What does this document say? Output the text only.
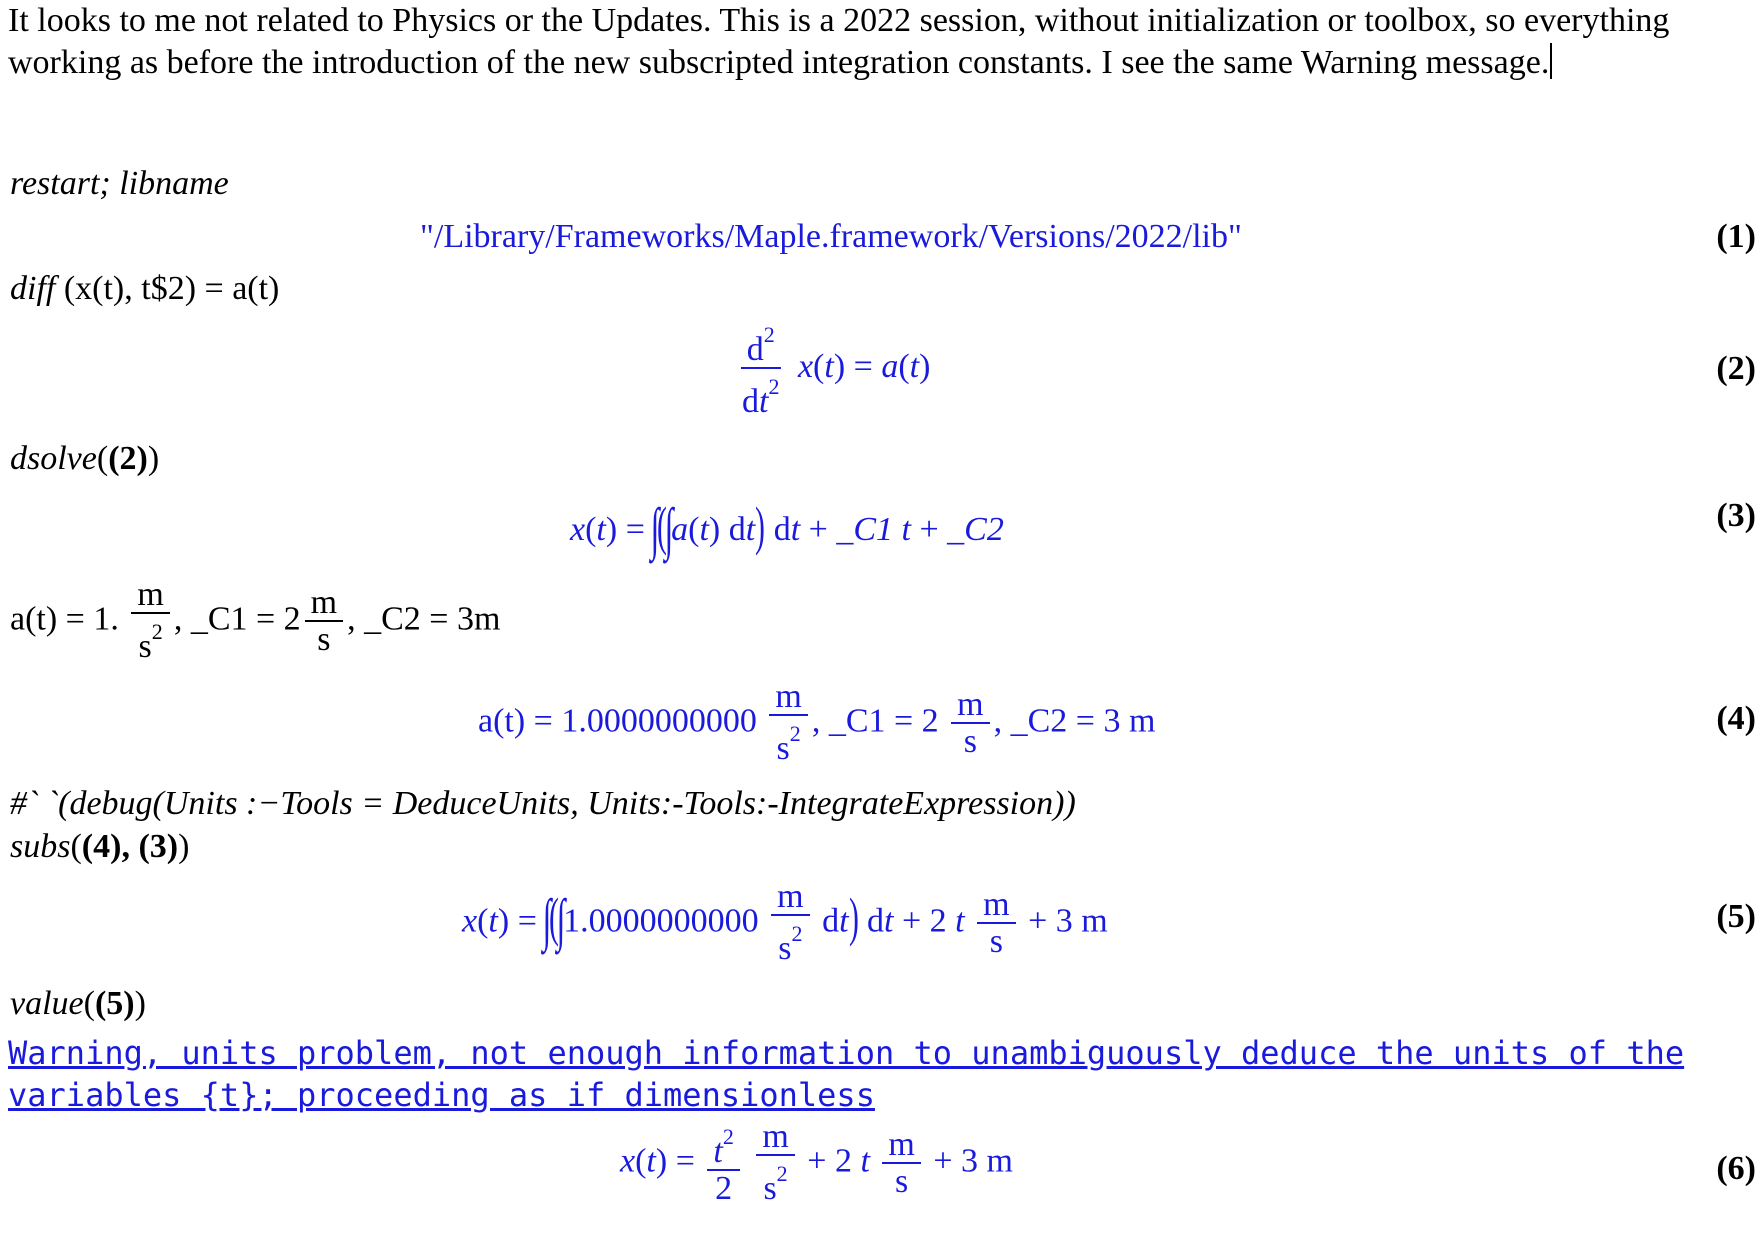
It looks to me not related to Physics or the Updates. This is a 2022 session, without initialization or toolbox, so everything working as before the introduction of the new subscripted integration constants. I see the same Warning message.
restart; libname
"/Library/Frameworks/Maple.framework/Versions/2022/lib"	(1)
diff (x(t), t$2) = a(t)
$\frac{d^2}{dt^2} x(t) = a(t)$	(2)
dsolve((2))
x(t) = ∫(∫a(t) dt) dt + _C1 t + _C2	(3)
a(t) = 1. $\frac{m}{s^2}$ , _C1 = $2 \frac{m}{s}$ , _C2 = 3m
$a(t) = 1.0000000000 \frac{m}{s^2}$ , _C1 = $2 \frac{m}{s}$ , _C2 = 3 m	(4)
#` `(debug(Units :−Tools = DeduceUnits, Units:-Tools:-IntegrateExpression))
subs((4), (3))
$x(t) = \int(\int 1.0000000000 \frac{m}{s^2} dt)$ dt + 2 t $\frac{m}{s} + 3$ m	(5)
value((5))
Warning, units problem, not enough information to unambiguously deduce the units of the variables {t}; proceeding as if dimensionless
$x(t) = \frac{t^2}{2}$
$\frac{m}{s^2} + 2$ t $\frac{m}{s} + 3$ m	(6)
